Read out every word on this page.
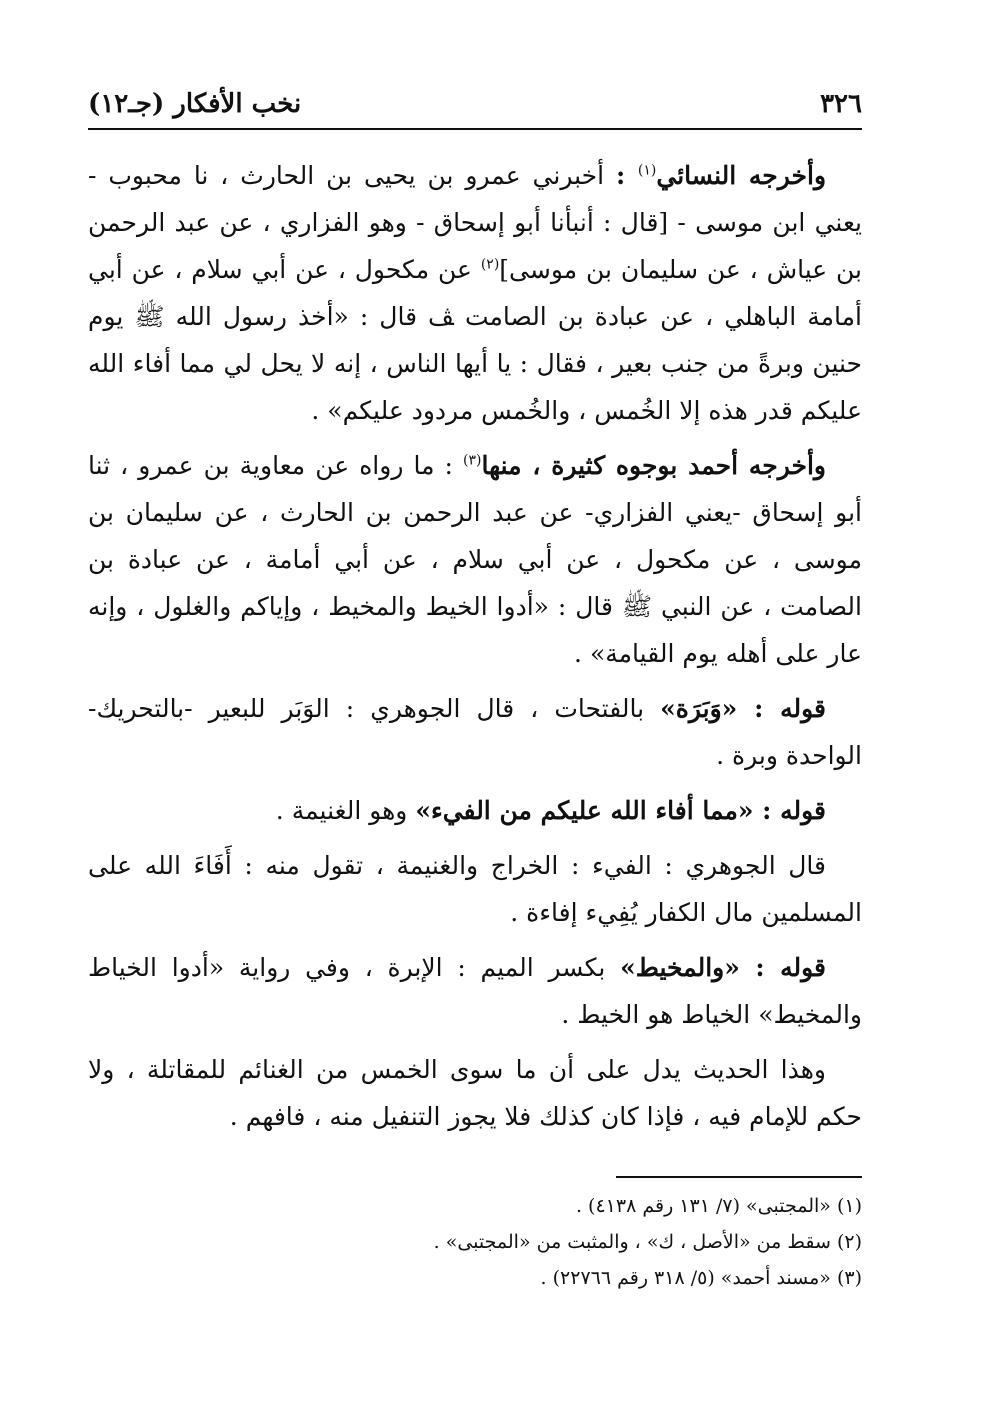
٣٢٦
نخب الأفكار (جـ١٢)

وأخرجه النسائي$^{(١)}$ : أخبرني عمرو بن يحيى بن الحارث ، نا محبوب - يعني ابن موسى - [قال : أنبأنا أبو إسحاق - وهو الفزاري ، عن عبد الرحمن بن عياش ، عن سليمان بن موسى]$^{(٢)}$ عن مكحول ، عن أبي سلام ، عن أبي أمامة الباهلي ، عن عبادة بن الصامت ﭫ قال : «أخذ رسول الله ﷺ يوم حنين وبرةً من جنب بعير ، فقال : يا أيها الناس ، إنه لا يحل لي مما أفاء الله عليكم قدر هذه إلا الخُمس ، والخُمس مردود عليكم» .

وأخرجه أحمد بوجوه كثيرة ، منها$^{(٣)}$ : ما رواه عن معاوية بن عمرو ، ثنا أبو إسحاق -يعني الفزاري- عن عبد الرحمن بن الحارث ، عن سليمان بن موسى ، عن مكحول ، عن أبي سلام ، عن أبي أمامة ، عن عبادة بن الصامت ، عن النبي ﷺ قال : «أدوا الخيط والمخيط ، وإياكم والغلول ، وإنه عار على أهله يوم القيامة» .

قوله : «وَبَرَة» بالفتحات ، قال الجوهري : الوَبَر للبعير -بالتحريك- الواحدة وبرة .

قوله : «مما أفاء الله عليكم من الفيء» وهو الغنيمة .

قال الجوهري : الفيء : الخراج والغنيمة ، تقول منه : أَفَاءَ الله على المسلمين مال الكفار يُفِيء إفاءة .

قوله : «والمخيط» بكسر الميم : الإبرة ، وفي رواية «أدوا الخياط والمخيط» الخياط هو الخيط .

وهذا الحديث يدل على أن ما سوى الخمس من الغنائم للمقاتلة ، ولا حكم للإمام فيه ، فإذا كان كذلك فلا يجوز التنفيل منه ، فافهم .

(١) «المجتبى» (٧/ ١٣١ رقم ٤١٣٨) .
(٢) سقط من «الأصل ، ك» ، والمثبت من «المجتبى» .
(٣) «مسند أحمد» (٥/ ٣١٨ رقم ٢٢٧٦٦) .
